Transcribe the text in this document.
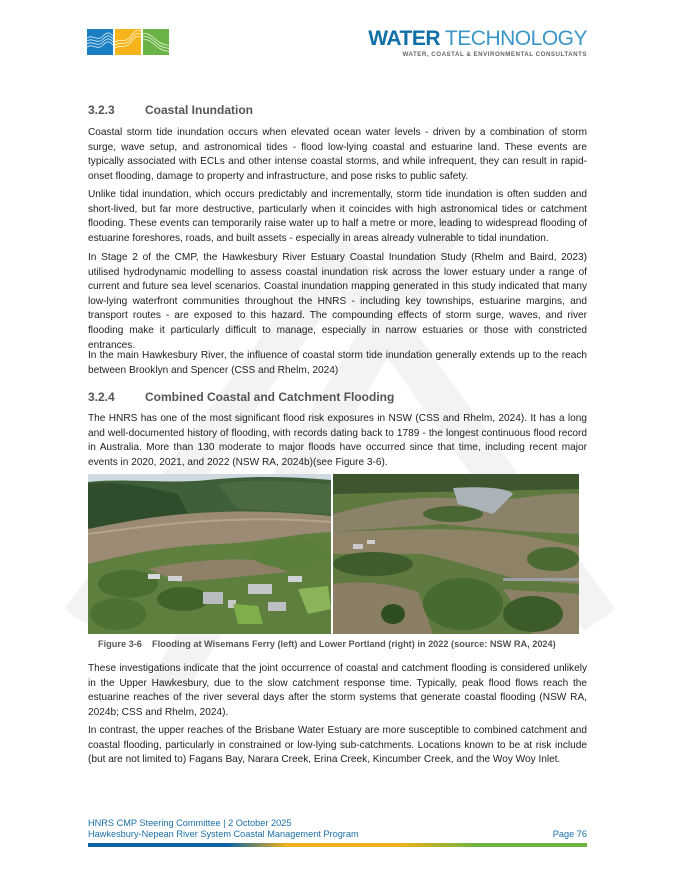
WATER TECHNOLOGY
WATER, COASTAL & ENVIRONMENTAL CONSULTANTS
3.2.3	Coastal Inundation

Coastal storm tide inundation occurs when elevated ocean water levels - driven by a combination of storm surge, wave setup, and astronomical tides - flood low-lying coastal and estuarine land. These events are typically associated with ECLs and other intense coastal storms, and while infrequent, they can result in rapid-onset flooding, damage to property and infrastructure, and pose risks to public safety.

Unlike tidal inundation, which occurs predictably and incrementally, storm tide inundation is often sudden and short-lived, but far more destructive, particularly when it coincides with high astronomical tides or catchment flooding. These events can temporarily raise water up to half a metre or more, leading to widespread flooding of estuarine foreshores, roads, and built assets - especially in areas already vulnerable to tidal inundation.

In Stage 2 of the CMP, the Hawkesbury River Estuary Coastal Inundation Study (Rhelm and Baird, 2023) utilised hydrodynamic modelling to assess coastal inundation risk across the lower estuary under a range of current and future sea level scenarios. Coastal inundation mapping generated in this study indicated that many low-lying waterfront communities throughout the HNRS - including key townships, estuarine margins, and transport routes - are exposed to this hazard. The compounding effects of storm surge, waves, and river flooding make it particularly difficult to manage, especially in narrow estuaries or those with constricted entrances.

In the main Hawkesbury River, the influence of coastal storm tide inundation generally extends up to the reach between Brooklyn and Spencer (CSS and Rhelm, 2024)

3.2.4	Combined Coastal and Catchment Flooding

The HNRS has one of the most significant flood risk exposures in NSW (CSS and Rhelm, 2024). It has a long and well-documented history of flooding, with records dating back to 1789 - the longest continuous flood record in Australia. More than 130 moderate to major floods have occurred since that time, including recent major events in 2020, 2021, and 2022 (NSW RA, 2024b)(see Figure 3-6).

Figure 3-6 Flooding at Wisemans Ferry (left) and Lower Portland (right) in 2022 (source: NSW RA, 2024)

These investigations indicate that the joint occurrence of coastal and catchment flooding is considered unlikely in the Upper Hawkesbury, due to the slow catchment response time. Typically, peak flood flows reach the estuarine reaches of the river several days after the storm systems that generate coastal flooding (NSW RA, 2024b; CSS and Rhelm, 2024).

In contrast, the upper reaches of the Brisbane Water Estuary are more susceptible to combined catchment and coastal flooding, particularly in constrained or low-lying sub-catchments. Locations known to be at risk include (but are not limited to) Fagans Bay, Narara Creek, Erina Creek, Kincumber Creek, and the Woy Woy Inlet.

HNRS CMP Steering Committee | 2 October 2025
Hawkesbury-Nepean River System Coastal Management Program	Page 76
